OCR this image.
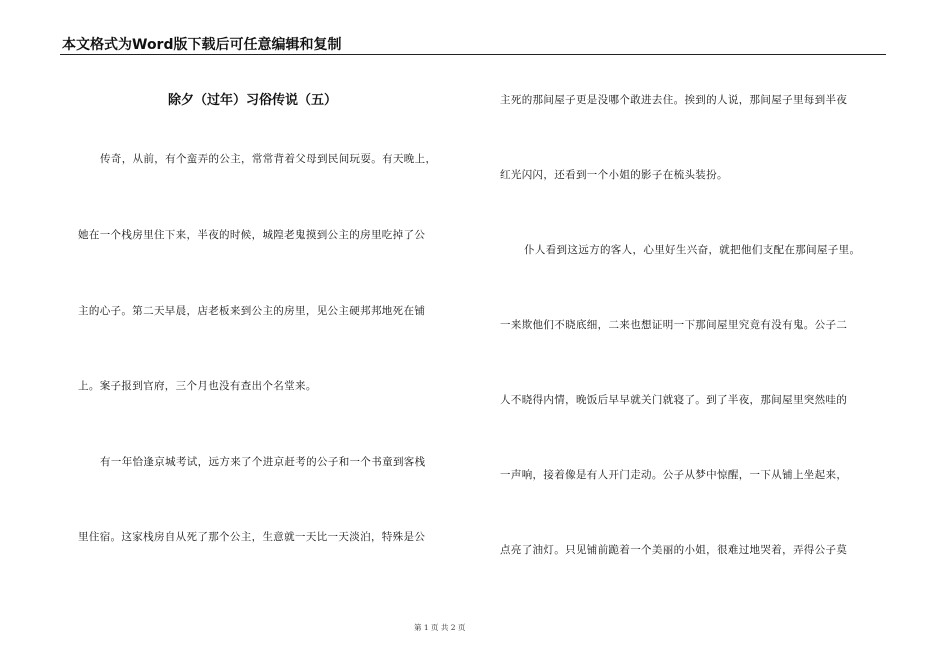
本文格式为Word版下载后可任意编辑和复制
除夕（过年）习俗传说（五）
传奇，从前，有个蛮弄的公主，常常背着父母到民间玩耍。有天晚上，
她在一个栈房里住下来，半夜的时候，城隍老鬼摸到公主的房里吃掉了公
主的心子。第二天早晨，店老板来到公主的房里，见公主硬邦邦地死在铺
上。案子报到官府，三个月也没有查出个名堂来。
有一年恰逢京城考试，远方来了个进京赶考的公子和一个书童到客栈
里住宿。这家栈房自从死了那个公主，生意就一天比一天淡泊，特殊是公
主死的那间屋子更是没哪个敢进去住。挨到的人说，那间屋子里每到半夜
红光闪闪，还看到一个小姐的影子在梳头装扮。
仆人看到这远方的客人，心里好生兴奋，就把他们支配在那间屋子里。
一来欺他们不晓底细，二来也想证明一下那间屋里究竟有没有鬼。公子二
人不晓得内情，晚饭后早早就关门就寝了。到了半夜，那间屋里突然哇的
一声响，接着像是有人开门走动。公子从梦中惊醒，一下从铺上坐起来，
点亮了油灯。只见铺前跪着一个美丽的小姐，很难过地哭着，弄得公子莫
第 1 页 共 2 页
